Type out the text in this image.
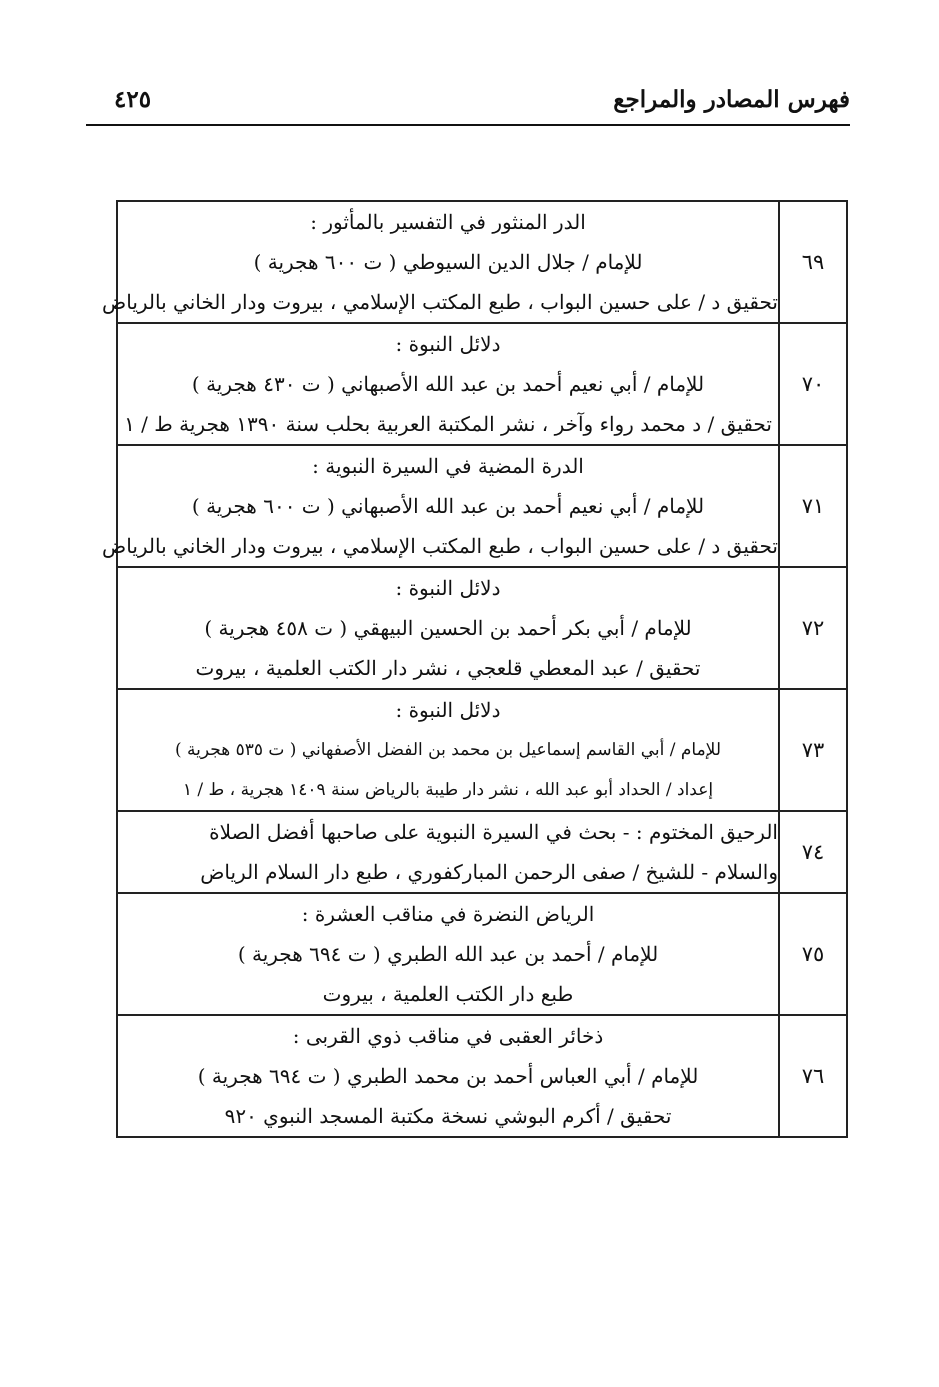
فهرس المصادر والمراجع
٤٢٥
٦٩	الدر المنثور في التفسير بالمأثور :
للإمام / جلال الدين السيوطي ( ت ٦٠٠ هجرية )
تحقيق د / على حسين البواب ، طبع المكتب الإسلامي ، بيروت ودار الخاني بالرياض

٧٠	دلائل النبوة :
للإمام / أبي نعيم أحمد بن عبد الله الأصبهاني ( ت ٤٣٠ هجرية )
تحقيق / د محمد رواء وآخر ، نشر المكتبة العربية بحلب سنة ١٣٩٠ هجرية ط / ١

٧١	الدرة المضية في السيرة النبوية :
للإمام / أبي نعيم أحمد بن عبد الله الأصبهاني ( ت ٦٠٠ هجرية )
تحقيق د / على حسين البواب ، طبع المكتب الإسلامي ، بيروت ودار الخاني بالرياض

٧٢	دلائل النبوة :
للإمام / أبي بكر أحمد بن الحسين البيهقي ( ت ٤٥٨ هجرية )
تحقيق / عبد المعطي قلعجي ، نشر دار الكتب العلمية ، بيروت

٧٣	دلائل النبوة :
للإمام / أبي القاسم إسماعيل بن محمد بن الفضل الأصفهاني ( ت ٥٣٥ هجرية )
إعداد / الحداد أبو عبد الله ، نشر دار طيبة بالرياض سنة ١٤٠٩ هجرية ، ط / ١

٧٤	الرحيق المختوم : - بحث في السيرة النبوية على صاحبها أفضل الصلاة
والسلام - للشيخ / صفى الرحمن المباركفوري ، طبع دار السلام الرياض

٧٥	الرياض النضرة في مناقب العشرة :
للإمام / أحمد بن عبد الله الطبري ( ت ٦٩٤ هجرية )
طبع دار الكتب العلمية ، بيروت

٧٦	ذخائر العقبى في مناقب ذوي القربى :
للإمام / أبي العباس أحمد بن محمد الطبري ( ت ٦٩٤ هجرية )
تحقيق / أكرم البوشي نسخة مكتبة المسجد النبوي ٩٢٠
